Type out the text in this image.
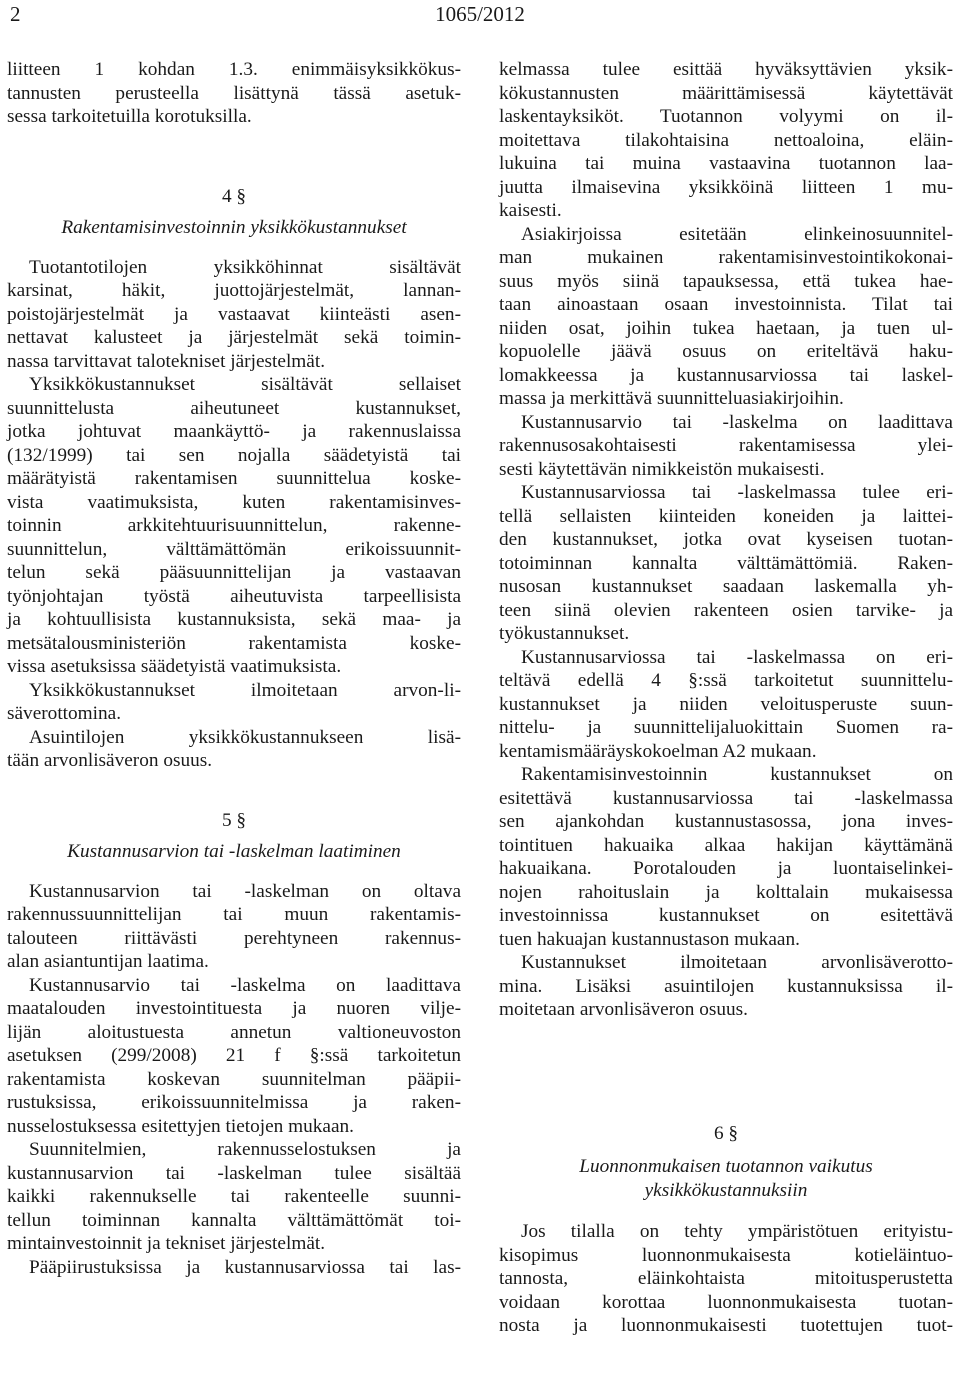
2	1065/2012
liitteen 1 kohdan 1.3. enimmäisyksikkökus-
tannusten perusteella lisättynä tässä asetuk-
sessa tarkoitetuilla korotuksilla.
4 §
Rakentamisinvestoinnin yksikkökustannukset
Tuotantotilojen yksikköhinnat sisältävät
karsinat, häkit, juottojärjestelmät, lannan-
poistojärjestelmät ja vastaavat kiinteästi asen-
nettavat kalusteet ja järjestelmät sekä toimin-
nassa tarvittavat talotekniset järjestelmät.
Yksikkökustannukset sisältävät sellaiset
suunnittelusta aiheutuneet kustannukset,
jotka johtuvat maankäyttö- ja rakennuslaissa
(132/1999) tai sen nojalla säädetyistä tai
määrätyistä rakentamisen suunnittelua koske-
vista vaatimuksista, kuten rakentamisinves-
toinnin arkkitehtuurisuunnittelun, rakenne-
suunnittelun, välttämättömän erikoissuunnit-
telun sekä pääsuunnittelijan ja vastaavan
työnjohtajan työstä aiheutuvista tarpeellisista
ja kohtuullisista kustannuksista, sekä maa- ja
metsätalousministeriön rakentamista koske-
vissa asetuksissa säädetyistä vaatimuksista.
Yksikkökustannukset ilmoitetaan arvon-li-
säverottomina.
Asuintilojen yksikkökustannukseen lisä-
tään arvonlisäveron osuus.
5 §
Kustannusarvion tai -laskelman laatiminen
Kustannusarvion tai -laskelman on oltava
rakennussuunnittelijan tai muun rakentamis-
talouteen riittävästi perehtyneen rakennus-
alan asiantuntijan laatima.
Kustannusarvio tai -laskelma on laadittava
maatalouden investointituesta ja nuoren vilje-
lijän aloitustuesta annetun valtioneuvoston
asetuksen (299/2008) 21 f §:ssä tarkoitetun
rakentamista koskevan suunnitelman pääpii-
rustuksissa, erikoissuunnitelmissa ja raken-
nusselostuksessa esitettyjen tietojen mukaan.
Suunnitelmien, rakennusselostuksen ja
kustannusarvion tai -laskelman tulee sisältää
kaikki rakennukselle tai rakenteelle suunni-
tellun toiminnan kannalta välttämättömät toi-
mintainvestoinnit ja tekniset järjestelmät.
Pääpiirustuksissa ja kustannusarviossa tai las-
kelmassa tulee esittää hyväksyttävien yksik-
kökustannusten määrittämisessä käytettävät
laskentayksiköt. Tuotannon volyymi on il-
moitettava tilakohtaisina nettoaloina, eläin-
lukuina tai muina vastaavina tuotannon laa-
juutta ilmaisevina yksikköinä liitteen 1 mu-
kaisesti.
Asiakirjoissa esitetään elinkeinosuunnitel-
man mukainen rakentamisinvestointikokonai-
suus myös siinä tapauksessa, että tukea hae-
taan ainoastaan osaan investoinnista. Tilat tai
niiden osat, joihin tukea haetaan, ja tuen ul-
kopuolelle jäävä osuus on eriteltävä haku-
lomakkeessa ja kustannusarviossa tai laskel-
massa ja merkittävä suunnitteluasiakirjoihin.
Kustannusarvio tai -laskelma on laadittava
rakennusosakohtaisesti rakentamisessa ylei-
sesti käytettävän nimikkeistön mukaisesti.
Kustannusarviossa tai -laskelmassa tulee eri-
tellä sellaisten kiinteiden koneiden ja laittei-
den kustannukset, jotka ovat kyseisen tuotan-
totoiminnan kannalta välttämättömiä. Raken-
nusosan kustannukset saadaan laskemalla yh-
teen siinä olevien rakenteen osien tarvike- ja
työkustannukset.
Kustannusarviossa tai -laskelmassa on eri-
teltävä edellä 4 §:ssä tarkoitetut suunnittelu-
kustannukset ja niiden veloitusperuste suun-
nittelu- ja suunnittelijaluokittain Suomen ra-
kentamismääräyskokoelman A2 mukaan.
Rakentamisinvestoinnin kustannukset on
esitettävä kustannusarviossa tai -laskelmassa
sen ajankohdan kustannustasossa, jona inves-
tointituen hakuaika alkaa hakijan käyttämänä
hakuaikana. Porotalouden ja luontaiselinkei-
nojen rahoituslain ja kolttalain mukaisessa
investoinnissa kustannukset on esitettävä
tuen hakuajan kustannustason mukaan.
Kustannukset ilmoitetaan arvonlisäverotto-
mina. Lisäksi asuintilojen kustannuksissa il-
moitetaan arvonlisäveron osuus.
6 §
Luonnonmukaisen tuotannon vaikutus
yksikkökustannuksiin
Jos tilalla on tehty ympäristötuen erityistu-
kisopimus luonnonmukaisesta kotieläintuo-
tannosta, eläinkohtaista mitoitusperustetta
voidaan korottaa luonnonmukaisesta tuotan-
nosta ja luonnonmukaisesti tuotettujen tuot-
